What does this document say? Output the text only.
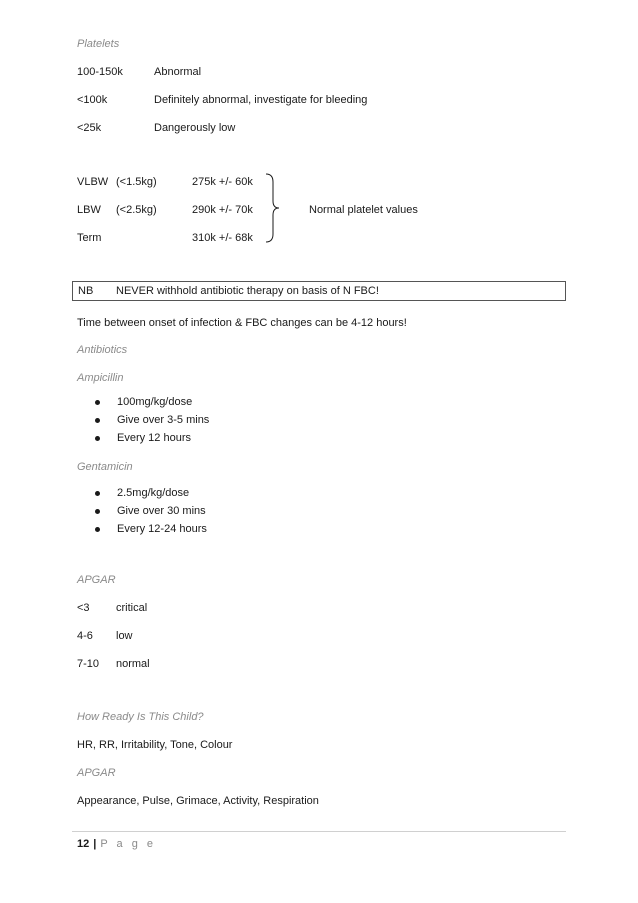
Platelets
100-150k	Abnormal
<100k	Definitely abnormal, investigate for bleeding
<25k	Dangerously low
VLBW (<1.5kg)	275k +/- 60k
LBW (<2.5kg)	290k +/- 70k
Term	310k +/- 68k
Normal platelet values
NB NEVER withhold antibiotic therapy on basis of N FBC!
Time between onset of infection & FBC changes can be 4-12 hours!
Antibiotics
Ampicillin
100mg/kg/dose
Give over 3-5 mins
Every 12 hours
Gentamicin
2.5mg/kg/dose
Give over 30 mins
Every 12-24 hours
APGAR
<3 critical
4-6 low
7-10 normal
How Ready Is This Child?
HR, RR, Irritability, Tone, Colour
APGAR
Appearance, Pulse, Grimace, Activity, Respiration
12 | P a g e
